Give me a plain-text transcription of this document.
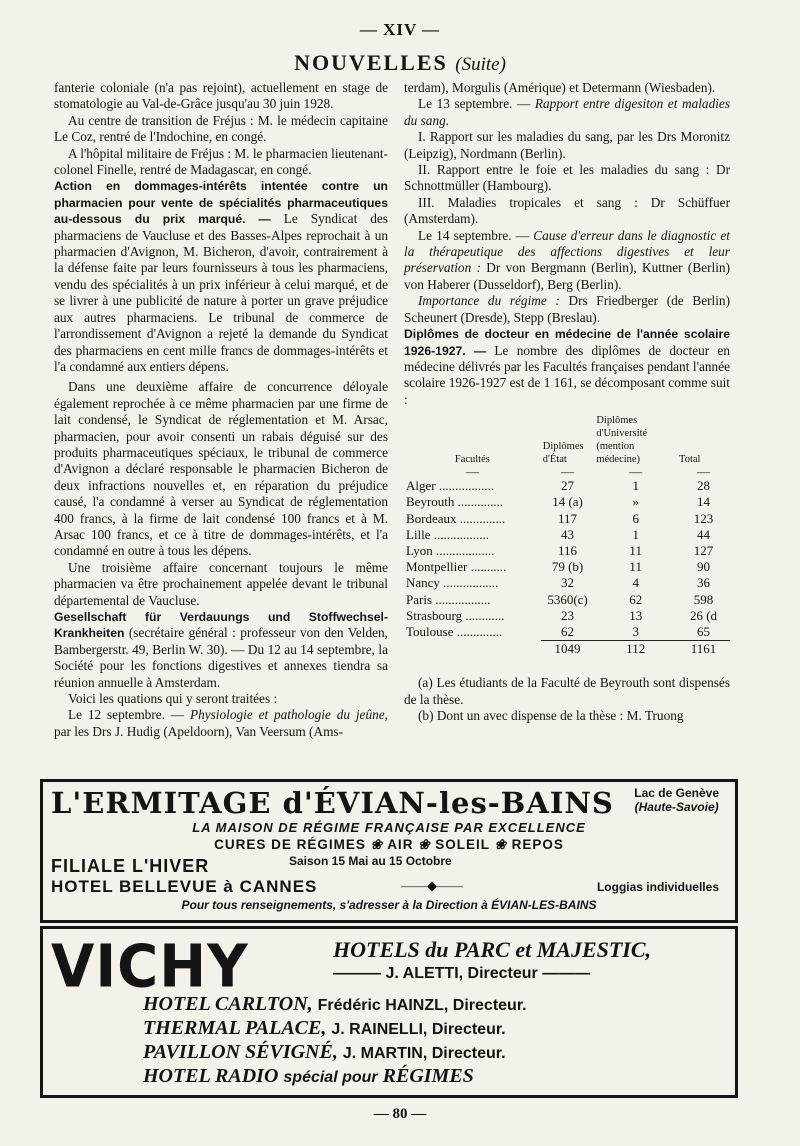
— XIV —
NOUVELLES (Suite)

fanterie coloniale (n'a pas rejoint), actuellement en stage de stomatologie au Val-de-Grâce jusqu'au 30 juin 1928.

Au centre de transition de Fréjus : M. le médecin capitaine Le Coz, rentré de l'Indochine, en congé.

A l'hôpital militaire de Fréjus : M. le pharmacien lieutenant-colonel Finelle, rentré de Madagascar, en congé.

Action en dommages-intérêts intentée contre un pharmacien pour vente de spécialités pharmaceutiques au-dessous du prix marqué. — Le Syndicat des pharmaciens de Vaucluse et des Basses-Alpes reprochait à un pharmacien d'Avignon, M. Bicheron, d'avoir, contrairement à la défense faite par leurs fournisseurs à tous les pharmaciens, vendu des spécialités à un prix inférieur à celui marqué, et de se livrer à une publicité de nature à porter un grave préjudice aux autres pharmaciens. Le tribunal de commerce de l'arrondissement d'Avignon a rejeté la demande du Syndicat des pharmaciens en cent mille francs de dommages-intérêts et l'a condamné aux entiers dépens.

Dans une deuxième affaire de concurrence déloyale également reprochée à ce même pharmacien par une firme de lait condensé, le Syndicat de réglementation et M. Arsac, pharmacien, pour avoir consenti un rabais déguisé sur des produits pharmaceutiques spéciaux, le tribunal de commerce d'Avignon a déclaré responsable le pharmacien Bicheron de deux infractions nouvelles et, en réparation du préjudice causé, l'a condamné à verser au Syndicat de réglementation 400 francs, à la firme de lait condensé 100 francs et à M. Arsac 100 francs, et ce à titre de dommages-intérêts, et l'a condamné en outre à tous les dépens.

Une troisième affaire concernant toujours le même pharmacien va être prochainement appelée devant le tribunal départemental de Vaucluse.

Gesellschaft für Verdauungs und Stoffwechsel-Krankheiten (secrétaire général : professeur von den Velden, Bambergerstr. 49, Berlin W. 30). — Du 12 au 14 septembre, la Société pour les fonctions digestives et annexes tiendra sa réunion annuelle à Amsterdam.

Voici les quations qui y seront traitées :

Le 12 septembre. — Physiologie et pathologie du jeûne, par les Drs J. Hudig (Apeldoorn), Van Veersum (Ams-

terdam), Morgulis (Amérique) et Determann (Wiesbaden).

Le 13 septembre. — Rapport entre digesiton et maladies du sang.

I. Rapport sur les maladies du sang, par les Drs Moronitz (Leipzig), Nordmann (Berlin).

II. Rapport entre le foie et les maladies du sang : Dr Schnottmüller (Hambourg).

III. Maladies tropicales et sang : Dr Schüffuer (Amsterdam).

Le 14 septembre. — Cause d'erreur dans le diagnostic et la thérapeutique des affections digestives et leur préservation : Dr von Bergmann (Berlin), Kuttner (Berlin) von Haberer (Dusseldorf), Berg (Berlin).

Importance du régime : Drs Friedberger (de Berlin) Scheunert (Dresde), Stepp (Breslau).

Diplômes de docteur en médecine de l'année scolaire 1926-1927. — Le nombre des diplômes de docteur en médecine délivrés par les Facultés françaises pendant l'année scolaire 1926-1927 est de 1 161, se décomposant comme suit :

Facultés	Diplômes d'État	Diplômes d'Université (mention médecine)	Total
—	—	—	—
Alger .................	27	1	28
Beyrouth ..............	14 (a)	»	14
Bordeaux ..............	117	6	123
Lille .................	43	1	44
Lyon ..................	116	11	127
Montpellier ...........	79 (b)	11	90
Nancy .................	32	4	36
Paris .................	5360(c)	62	598
Strasbourg ............	23	13	26 (d
Toulouse ..............	62	3	65
	1049	112	1161

(a) Les étudiants de la Faculté de Beyrouth sont dispensés de la thèse.

(b) Dont un avec dispense de la thèse : M. Truong

L'ERMITAGE d'ÉVIAN-les-BAINS Lac de Genève
(Haute-Savoie)
LA MAISON DE RÉGIME FRANÇAISE PAR EXCELLENCE
CURES DE RÉGIMES ❀ AIR ❀ SOLEIL ❀ REPOS
FILIALE L'HIVER	Saison 15 Mai au 15 Octobre
HOTEL BELLEVUE à CANNES	——◆——	Loggias individuelles
Pour tous renseignements, s'adresser à la Direction à ÉVIAN-LES-BAINS
VICHY	HOTELS du PARC et MAJESTIC,
——— J. ALETTI, Directeur ———
HOTEL CARLTON, Frédéric HAINZL, Directeur.
THERMAL PALACE, J. RAINELLI, Directeur.
PAVILLON SÉVIGNÉ, J. MARTIN, Directeur.
HOTEL RADIO spécial pour RÉGIMES
— 80 —
